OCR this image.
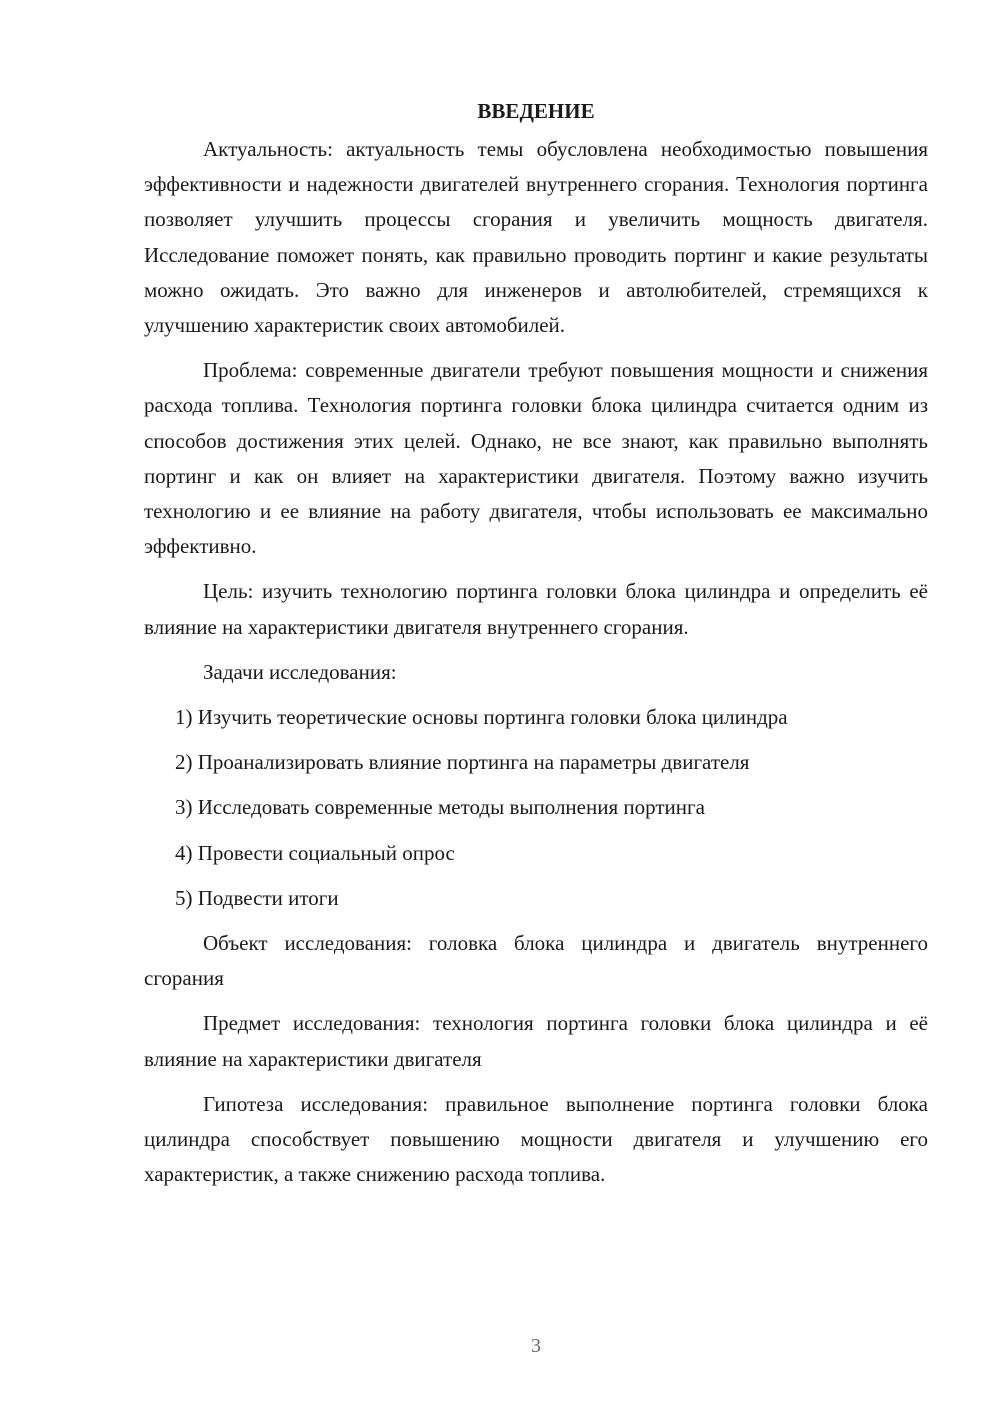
ВВЕДЕНИЕ

Актуальность: актуальность темы обусловлена необходимостью повышения эффективности и надежности двигателей внутреннего сгорания. Технология портинга позволяет улучшить процессы сгорания и увеличить мощность двигателя. Исследование поможет понять, как правильно проводить портинг и какие результаты можно ожидать. Это важно для инженеров и автолюбителей, стремящихся к улучшению характеристик своих автомобилей.

Проблема: современные двигатели требуют повышения мощности и снижения расхода топлива. Технология портинга головки блока цилиндра считается одним из способов достижения этих целей. Однако, не все знают, как правильно выполнять портинг и как он влияет на характеристики двигателя. Поэтому важно изучить технологию и ее влияние на работу двигателя, чтобы использовать ее максимально эффективно.

Цель: изучить технологию портинга головки блока цилиндра и определить её влияние на характеристики двигателя внутреннего сгорания.

Задачи исследования:

1) Изучить теоретические основы портинга головки блока цилиндра
2) Проанализировать влияние портинга на параметры двигателя
3) Исследовать современные методы выполнения портинга
4) Провести социальный опрос
5) Подвести итоги

Объект исследования: головка блока цилиндра и двигатель внутреннего сгорания

Предмет исследования: технология портинга головки блока цилиндра и её влияние на характеристики двигателя

Гипотеза исследования: правильное выполнение портинга головки блока цилиндра способствует повышению мощности двигателя и улучшению его характеристик, а также снижению расхода топлива.

3
